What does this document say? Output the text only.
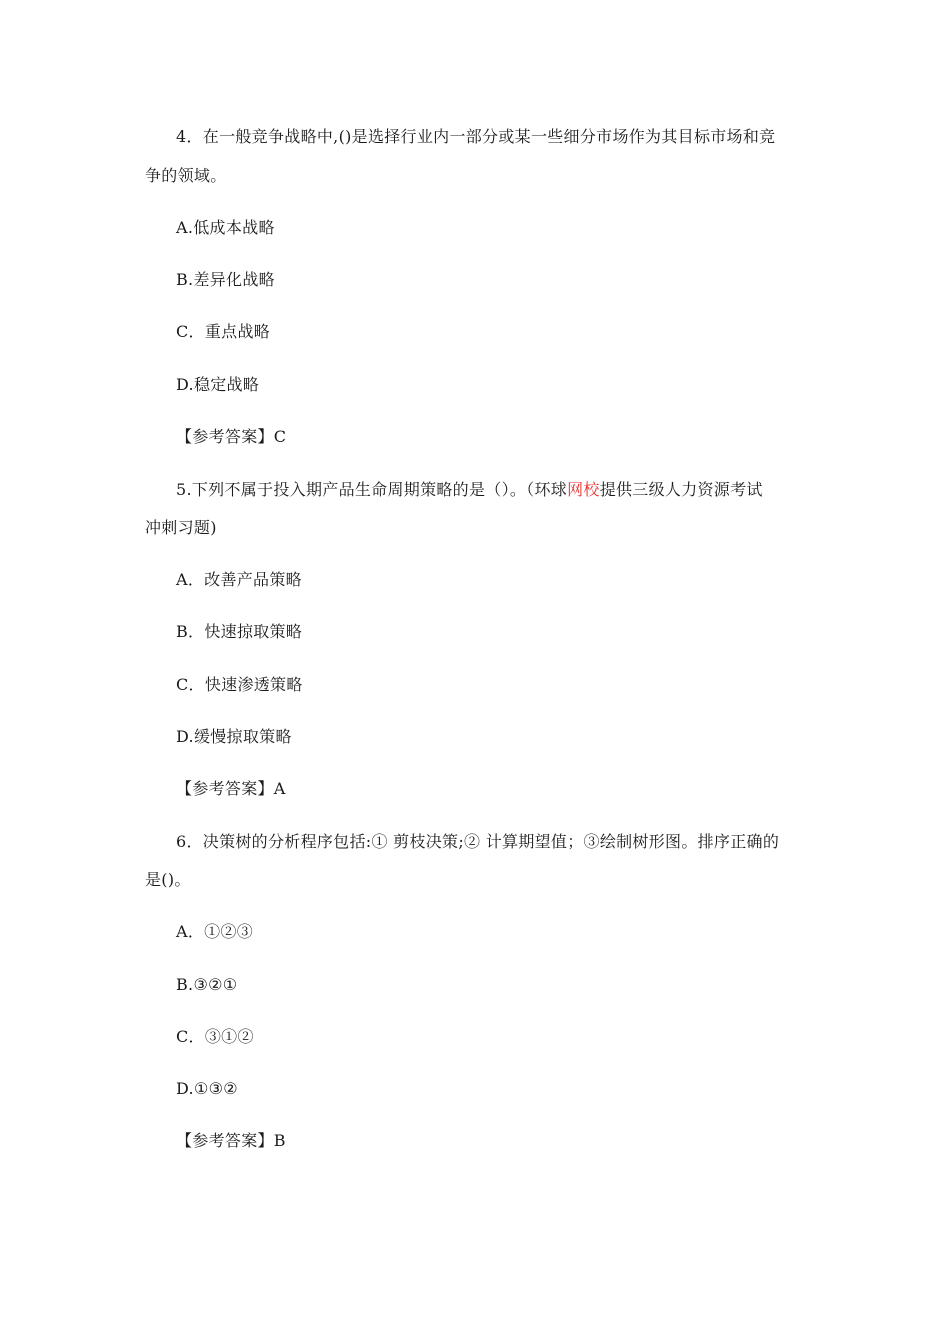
4．在一般竞争战略中,()是选择行业内一部分或某一些细分市场作为其目标市场和竞
争的领域。
A.低成本战略
B.差异化战略
C．重点战略
D.稳定战略
【参考答案】C
5.下列不属于投入期产品生命周期策略的是（）。（环球网校提供三级人力资源考试
冲刺习题)
A．改善产品策略
B．快速掠取策略
C．快速渗透策略
D.缓慢掠取策略
【参考答案】A
6．决策树的分析程序包括:① 剪枝决策;② 计算期望值；③绘制树形图。排序正确的
是()。
A．①②③
B.③②①
C．③①②
D.①③②
【参考答案】B
